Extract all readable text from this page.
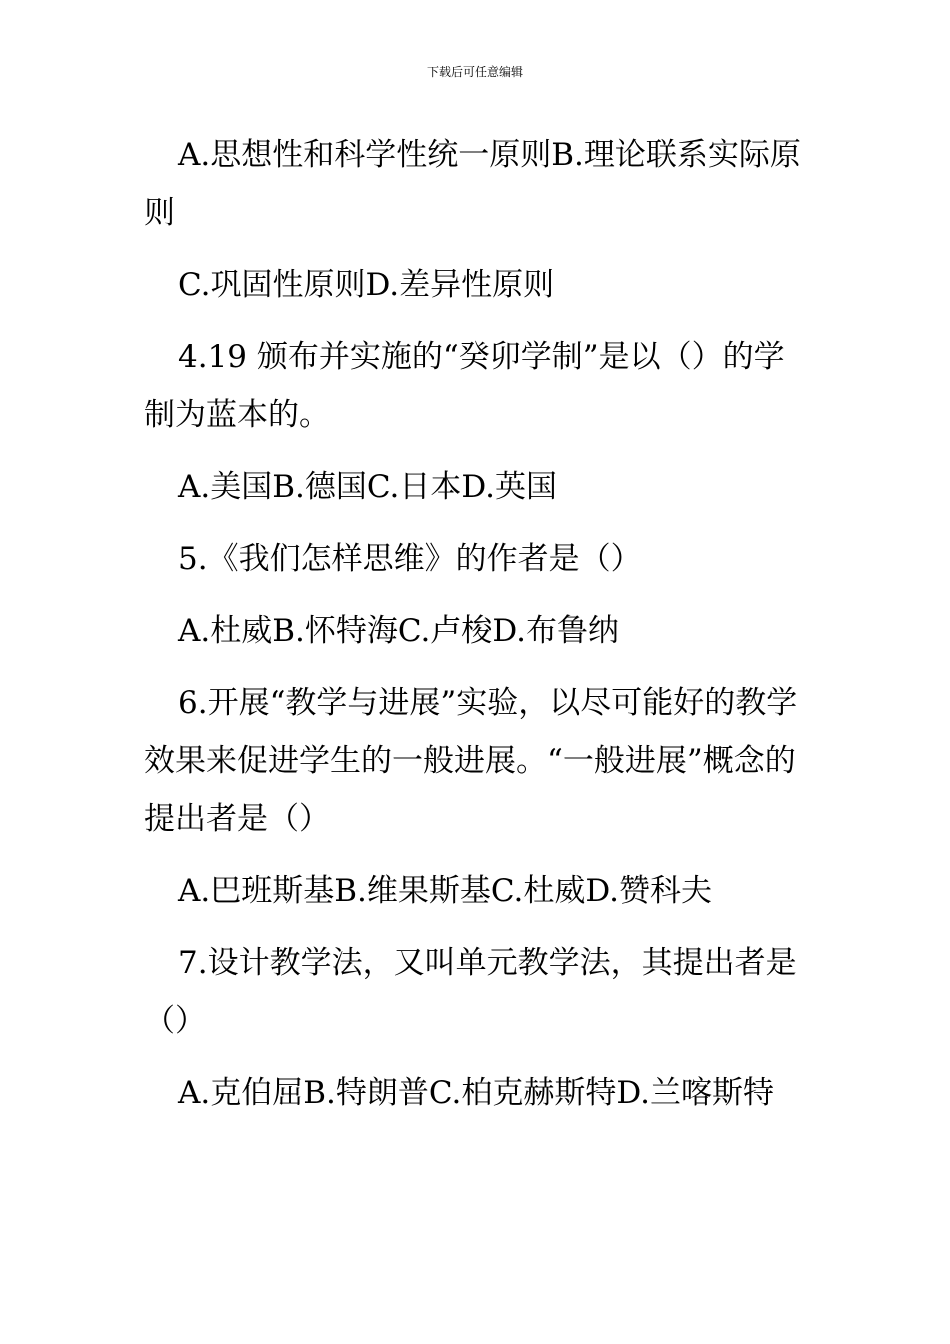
下载后可任意编辑

A.思想性和科学性统一原则B.理论联系实际原则

C.巩固性原则D.差异性原则

4.19 颁布并实施的“癸卯学制”是以（）的学制为蓝本的。

A.美国B.德国C.日本D.英国

5.《我们怎样思维》的作者是（）

A.杜威B.怀特海C.卢梭D.布鲁纳

6.开展“教学与进展”实验，以尽可能好的教学效果来促进学生的一般进展。“一般进展”概念的提出者是（）

A.巴班斯基B.维果斯基C.杜威D.赞科夫

7.设计教学法，又叫单元教学法，其提出者是（）

A.克伯屈B.特朗普C.柏克赫斯特D.兰喀斯特
